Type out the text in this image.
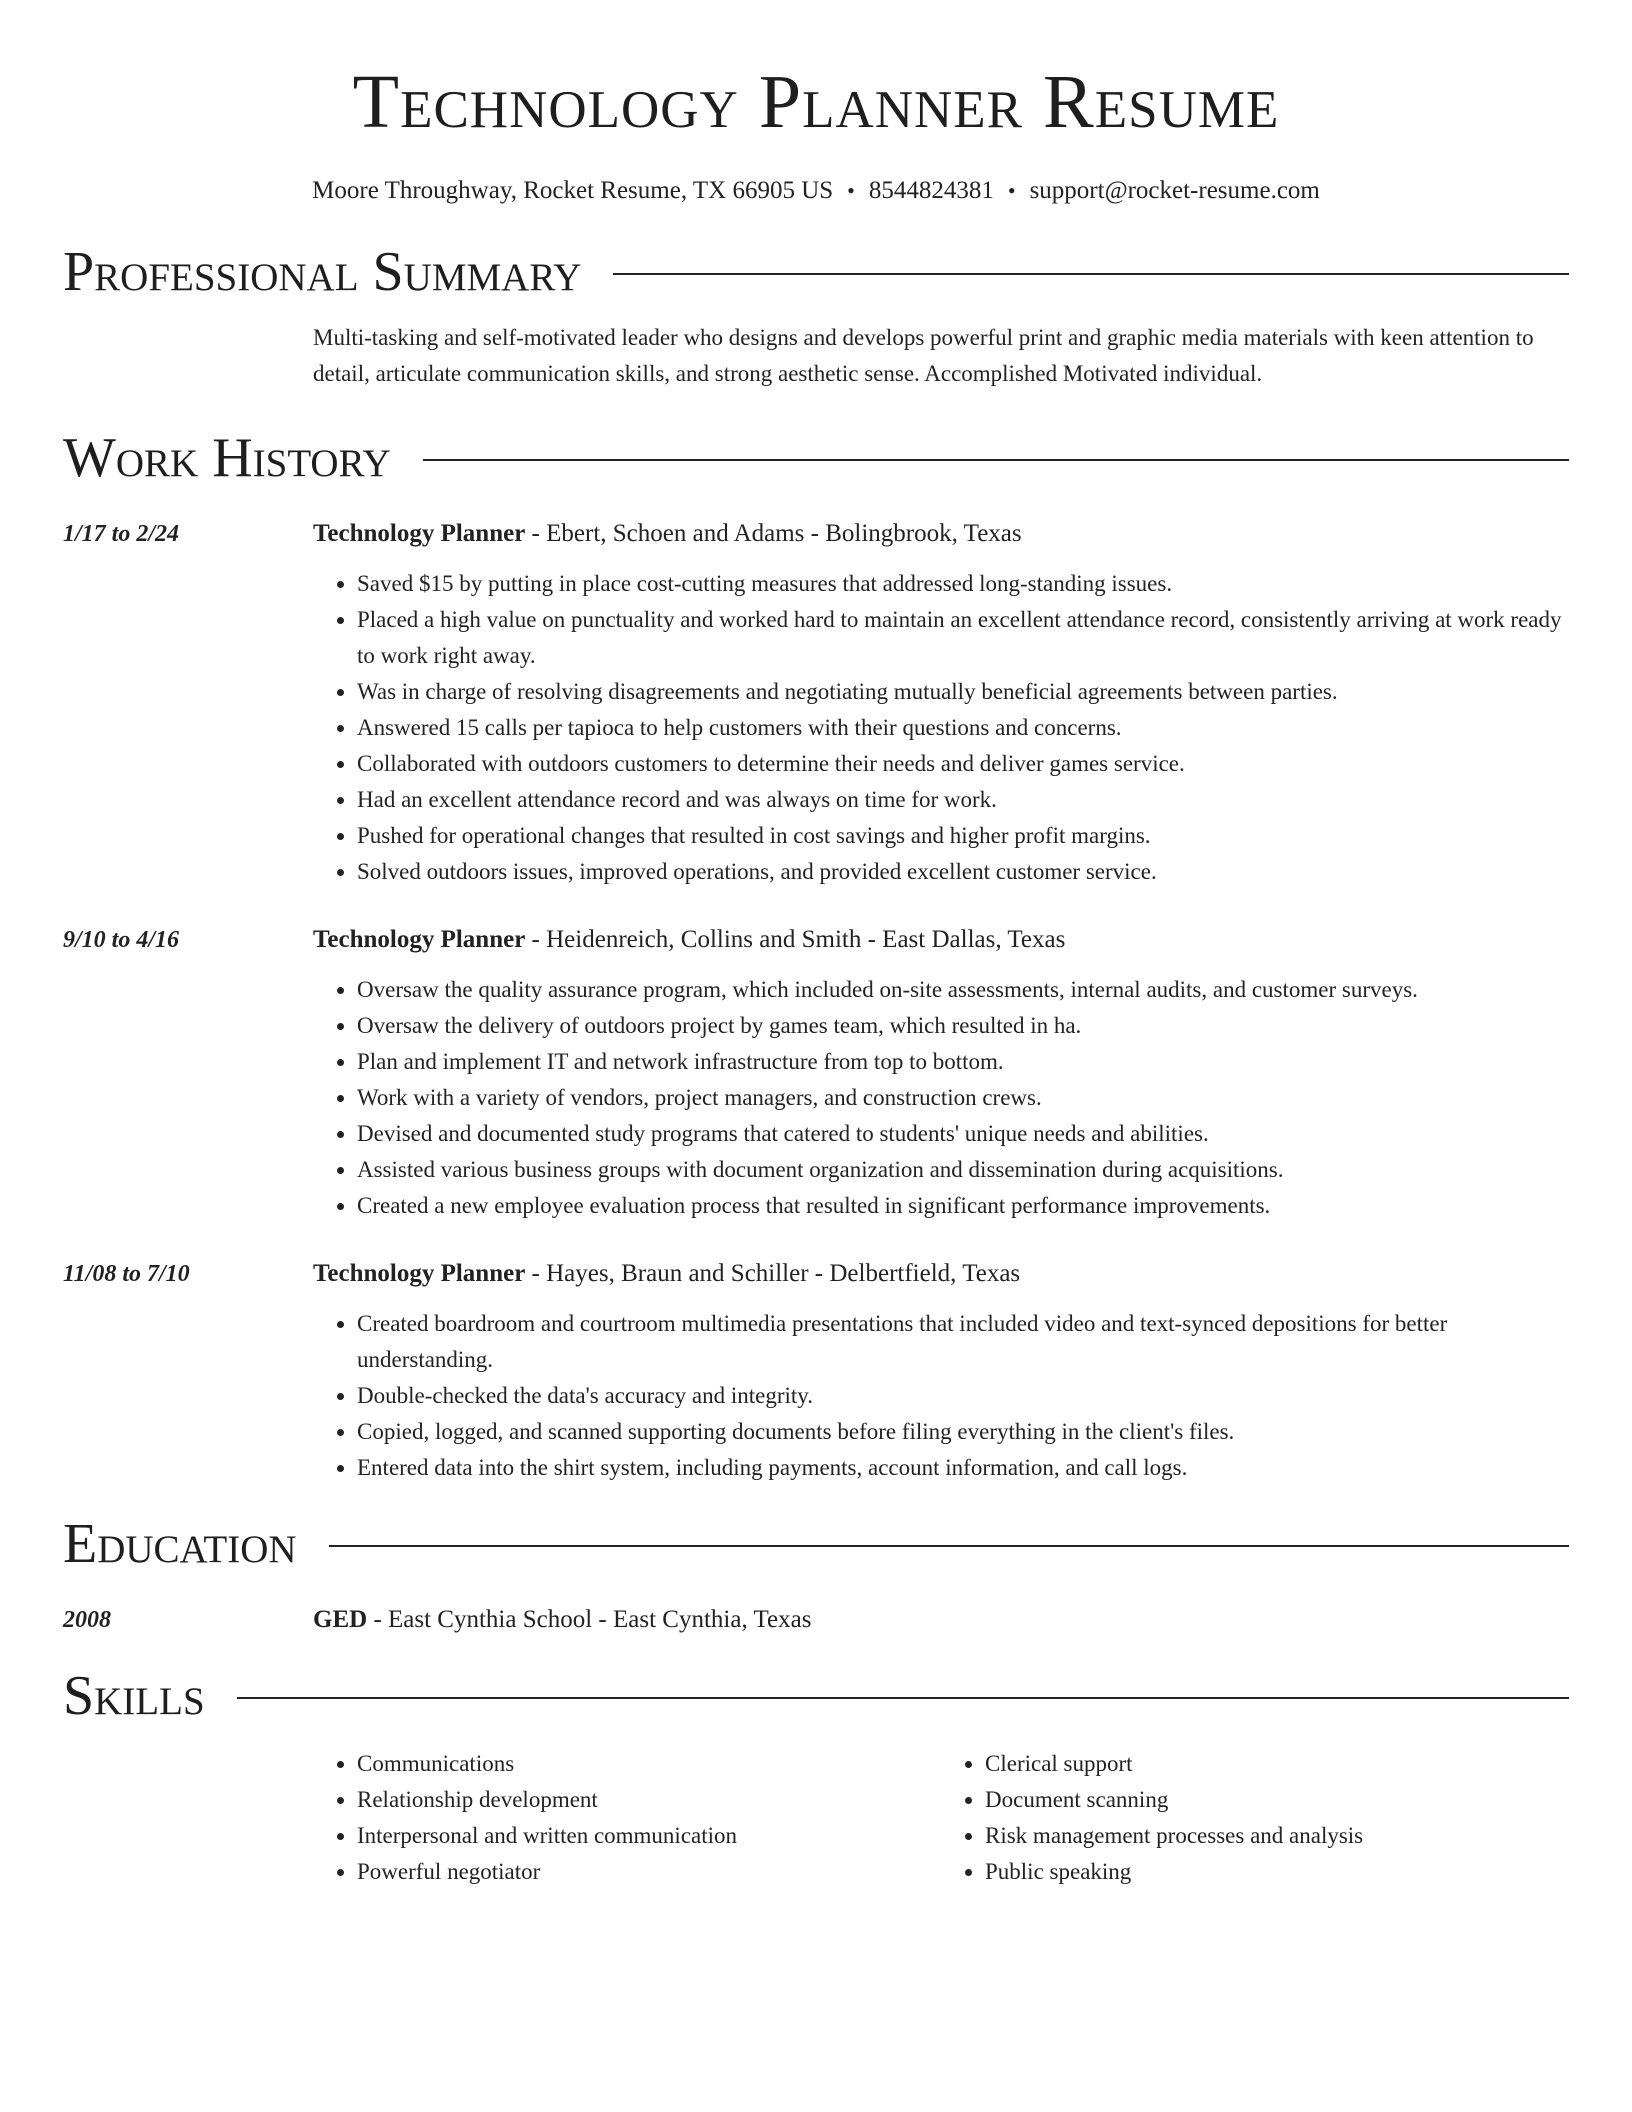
Technology Planner Resume
Moore Throughway, Rocket Resume, TX 66905 US • 8544824381 • support@rocket-resume.com
Professional Summary
Multi-tasking and self-motivated leader who designs and develops powerful print and graphic media materials with keen attention to detail, articulate communication skills, and strong aesthetic sense. Accomplished Motivated individual.
Work History
1/17 to 2/24	Technology Planner - Ebert, Schoen and Adams - Bolingbrook, Texas
• Saved $15 by putting in place cost-cutting measures that addressed long-standing issues.
• Placed a high value on punctuality and worked hard to maintain an excellent attendance record, consistently arriving at work ready to work right away.
• Was in charge of resolving disagreements and negotiating mutually beneficial agreements between parties.
• Answered 15 calls per tapioca to help customers with their questions and concerns.
• Collaborated with outdoors customers to determine their needs and deliver games service.
• Had an excellent attendance record and was always on time for work.
• Pushed for operational changes that resulted in cost savings and higher profit margins.
• Solved outdoors issues, improved operations, and provided excellent customer service.
9/10 to 4/16	Technology Planner - Heidenreich, Collins and Smith - East Dallas, Texas
• Oversaw the quality assurance program, which included on-site assessments, internal audits, and customer surveys.
• Oversaw the delivery of outdoors project by games team, which resulted in ha.
• Plan and implement IT and network infrastructure from top to bottom.
• Work with a variety of vendors, project managers, and construction crews.
• Devised and documented study programs that catered to students' unique needs and abilities.
• Assisted various business groups with document organization and dissemination during acquisitions.
• Created a new employee evaluation process that resulted in significant performance improvements.
11/08 to 7/10	Technology Planner - Hayes, Braun and Schiller - Delbertfield, Texas
• Created boardroom and courtroom multimedia presentations that included video and text-synced depositions for better understanding.
• Double-checked the data's accuracy and integrity.
• Copied, logged, and scanned supporting documents before filing everything in the client's files.
• Entered data into the shirt system, including payments, account information, and call logs.
Education
2008	GED - East Cynthia School - East Cynthia, Texas
Skills
• Communications
• Relationship development
• Interpersonal and written communication
• Powerful negotiator
• Clerical support
• Document scanning
• Risk management processes and analysis
• Public speaking
